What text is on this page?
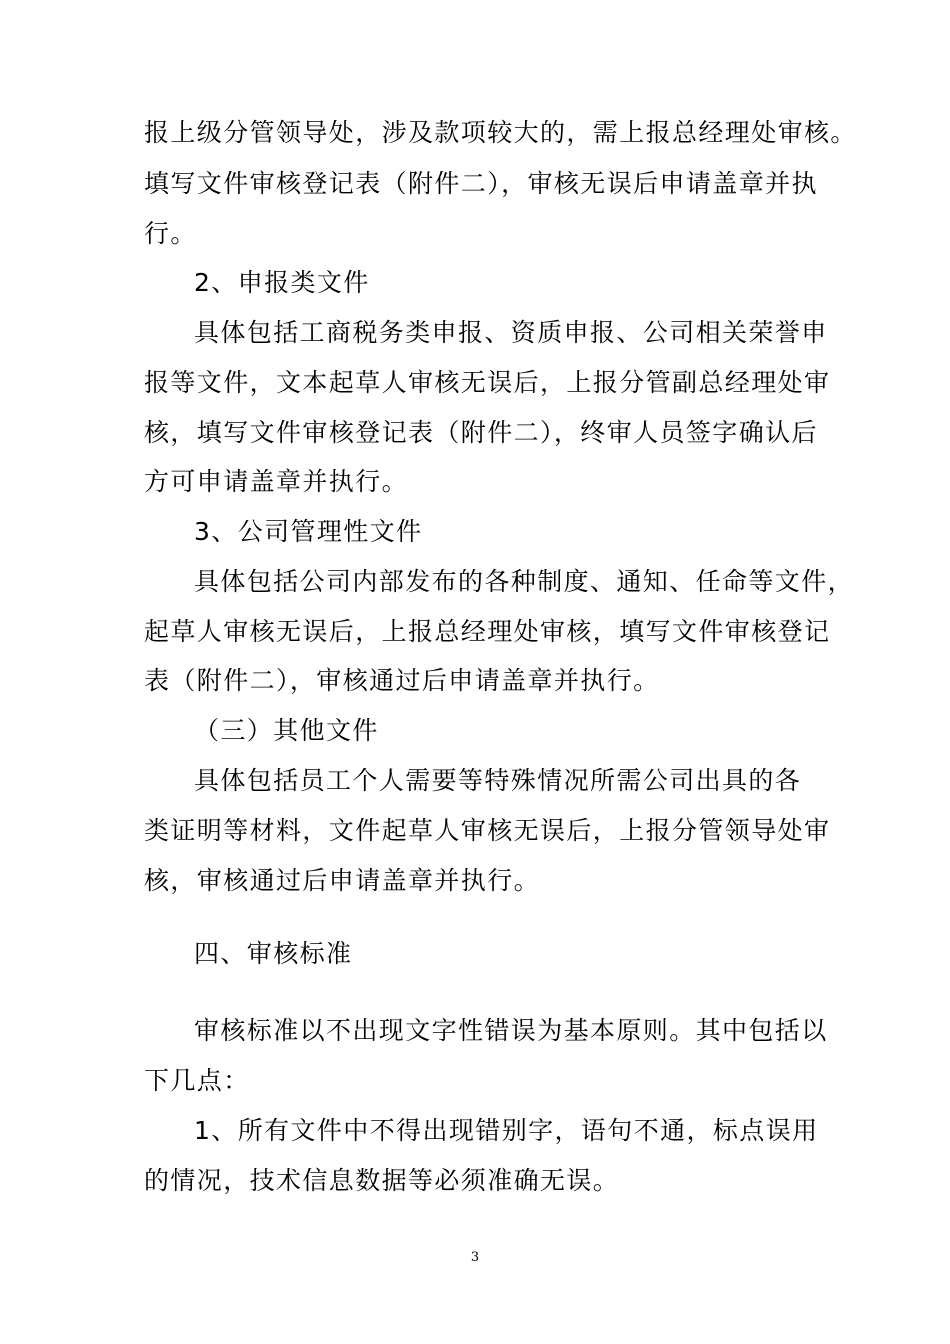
报上级分管领导处，涉及款项较大的，需上报总经理处审核。
填写文件审核登记表（附件二），审核无误后申请盖章并执
行。
2、申报类文件
具体包括工商税务类申报、资质申报、公司相关荣誉申
报等文件，文本起草人审核无误后，上报分管副总经理处审
核，填写文件审核登记表（附件二），终审人员签字确认后
方可申请盖章并执行。
3、公司管理性文件
具体包括公司内部发布的各种制度、通知、任命等文件，
起草人审核无误后，上报总经理处审核，填写文件审核登记
表（附件二），审核通过后申请盖章并执行。
（三）其他文件
具体包括员工个人需要等特殊情况所需公司出具的各
类证明等材料，文件起草人审核无误后，上报分管领导处审
核，审核通过后申请盖章并执行。
四、审核标准
审核标准以不出现文字性错误为基本原则。其中包括以
下几点：
1、所有文件中不得出现错别字，语句不通，标点误用
的情况，技术信息数据等必须准确无误。
3
